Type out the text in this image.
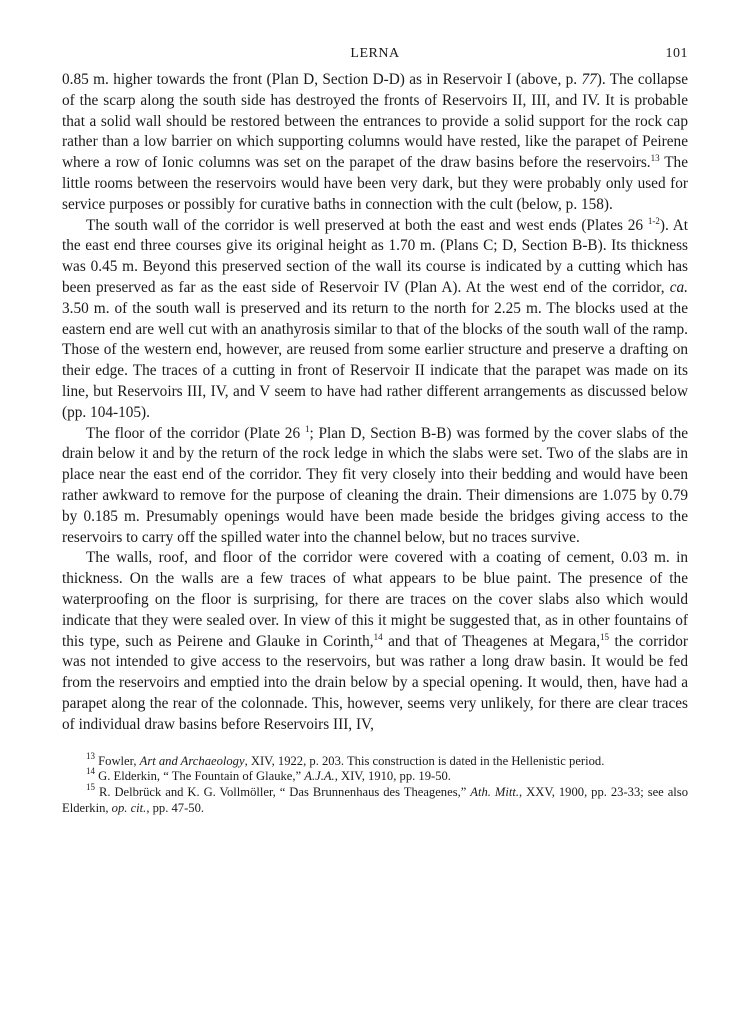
LERNA	101

0.85 m. higher towards the front (Plan D, Section D-D) as in Reservoir I (above, p. 77). The collapse of the scarp along the south side has destroyed the fronts of Reservoirs II, III, and IV. It is probable that a solid wall should be restored between the entrances to provide a solid support for the rock cap rather than a low barrier on which supporting columns would have rested, like the parapet of Peirene where a row of Ionic columns was set on the parapet of the draw basins before the reservoirs.$^{13}$ The little rooms between the reservoirs would have been very dark, but they were probably only used for service purposes or possibly for curative baths in connection with the cult (below, p. 158).

The south wall of the corridor is well preserved at both the east and west ends (Plates 26 $^{1-2}$). At the east end three courses give its original height as 1.70 m. (Plans C; D, Section B-B). Its thickness was 0.45 m. Beyond this preserved section of the wall its course is indicated by a cutting which has been preserved as far as the east side of Reservoir IV (Plan A). At the west end of the corridor, ca. 3.50 m. of the south wall is preserved and its return to the north for 2.25 m. The blocks used at the eastern end are well cut with an anathyrosis similar to that of the blocks of the south wall of the ramp. Those of the western end, however, are reused from some earlier structure and preserve a drafting on their edge. The traces of a cutting in front of Reservoir II indicate that the parapet was made on its line, but Reservoirs III, IV, and V seem to have had rather different arrangements as discussed below (pp. 104-105).

The floor of the corridor (Plate 26 $^1$; Plan D, Section B-B) was formed by the cover slabs of the drain below it and by the return of the rock ledge in which the slabs were set. Two of the slabs are in place near the east end of the corridor. They fit very closely into their bedding and would have been rather awkward to remove for the purpose of cleaning the drain. Their dimensions are 1.075 by 0.79 by 0.185 m. Presumably openings would have been made beside the bridges giving access to the reservoirs to carry off the spilled water into the channel below, but no traces survive.

The walls, roof, and floor of the corridor were covered with a coating of cement, 0.03 m. in thickness. On the walls are a few traces of what appears to be blue paint. The presence of the waterproofing on the floor is surprising, for there are traces on the cover slabs also which would indicate that they were sealed over. In view of this it might be suggested that, as in other fountains of this type, such as Peirene and Glauke in Corinth,$^{14}$ and that of Theagenes at Megara,$^{15}$ the corridor was not intended to give access to the reservoirs, but was rather a long draw basin. It would be fed from the reservoirs and emptied into the drain below by a special opening. It would, then, have had a parapet along the rear of the colonnade. This, however, seems very unlikely, for there are clear traces of individual draw basins before Reservoirs III, IV,

$^{13}$ Fowler, Art and Archaeology, XIV, 1922, p. 203. This construction is dated in the Hellenistic period.

$^{14}$ G. Elderkin, “ The Fountain of Glauke,” A.J.A., XIV, 1910, pp. 19-50.

$^{15}$ R. Delbrück and K. G. Vollmöller, “ Das Brunnenhaus des Theagenes,” Ath. Mitt., XXV, 1900, pp. 23-33; see also Elderkin, op. cit., pp. 47-50.
